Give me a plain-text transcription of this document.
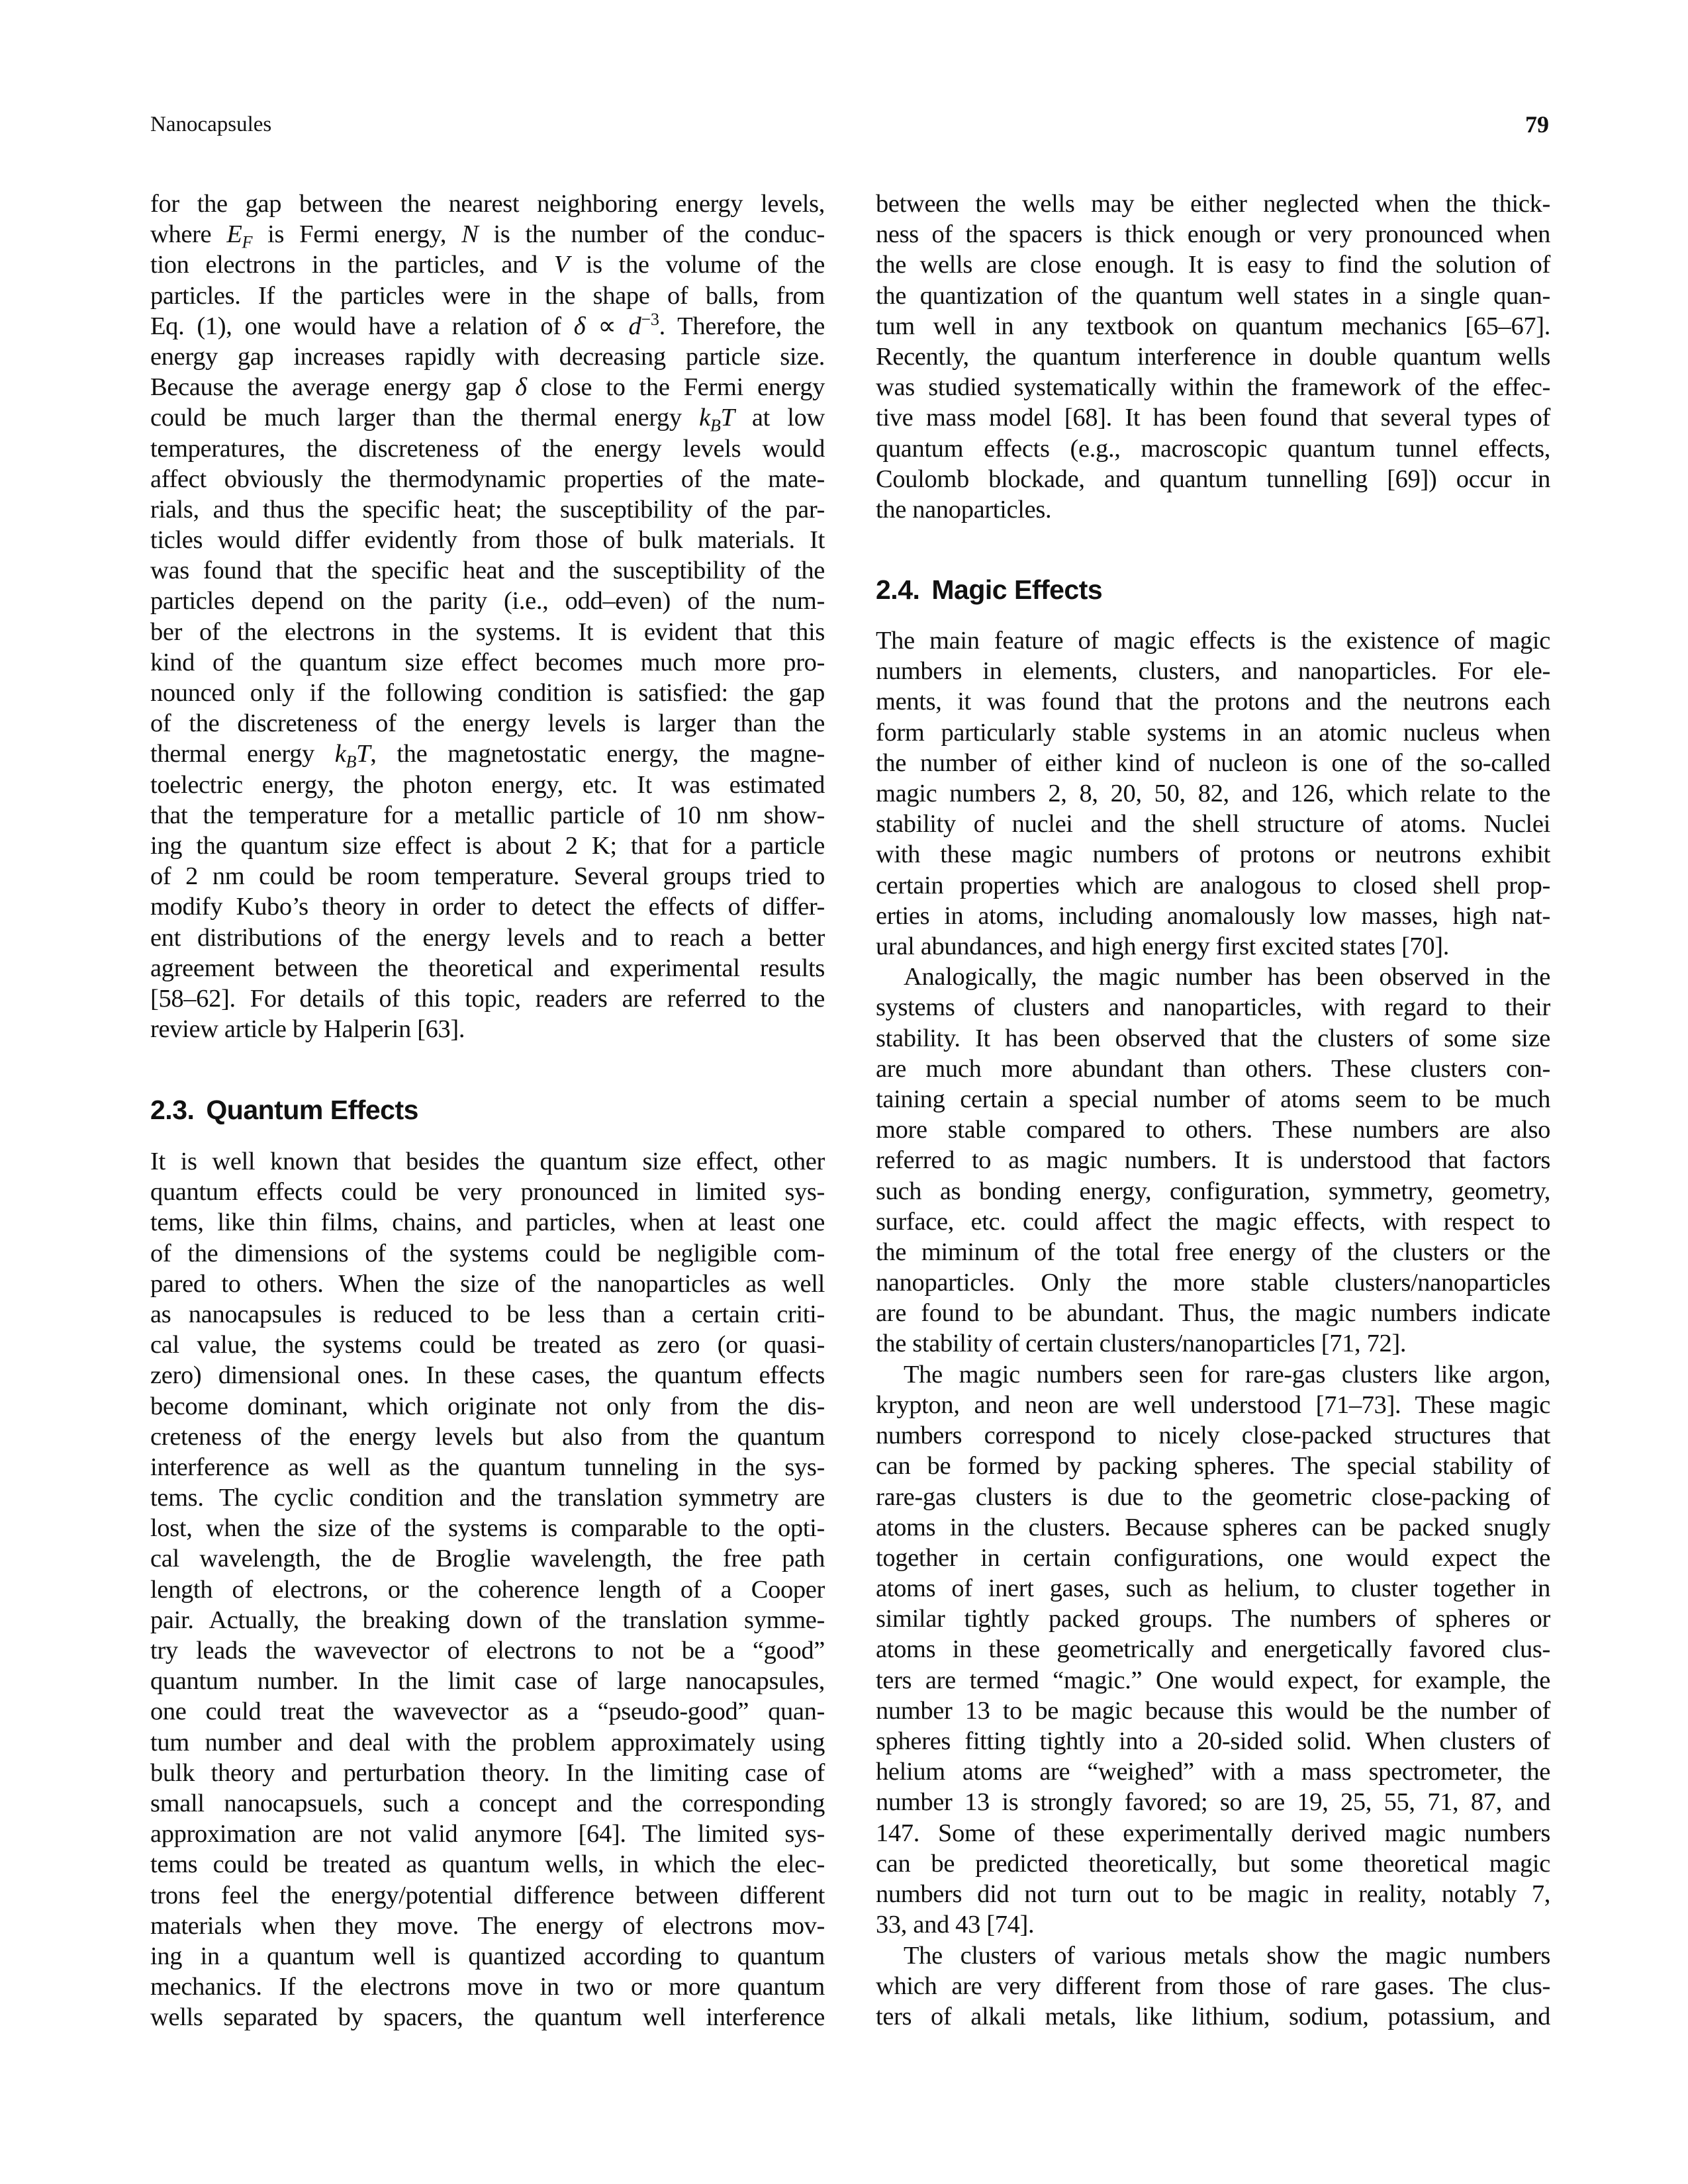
Nanocapsules	79
for the gap between the nearest neighboring energy levels,
where $E_F$ is Fermi energy, N is the number of the conduc-
tion electrons in the particles, and V is the volume of the
particles. If the particles were in the shape of balls, from
Eq. (1), one would have a relation of $\delta \propto d^{-3}$. Therefore, the
energy gap increases rapidly with decreasing particle size.
Because the average energy gap δ close to the Fermi energy
could be much larger than the thermal energy $k_BT$ at low
temperatures, the discreteness of the energy levels would
affect obviously the thermodynamic properties of the mate-
rials, and thus the specific heat; the susceptibility of the par-
ticles would differ evidently from those of bulk materials. It
was found that the specific heat and the susceptibility of the
particles depend on the parity (i.e., odd–even) of the num-
ber of the electrons in the systems. It is evident that this
kind of the quantum size effect becomes much more pro-
nounced only if the following condition is satisfied: the gap
of the discreteness of the energy levels is larger than the
thermal energy $k_BT$, the magnetostatic energy, the magne-
toelectric energy, the photon energy, etc. It was estimated
that the temperature for a metallic particle of 10 nm show-
ing the quantum size effect is about 2 K; that for a particle
of 2 nm could be room temperature. Several groups tried to
modify Kubo’s theory in order to detect the effects of differ-
ent distributions of the energy levels and to reach a better
agreement between the theoretical and experimental results
[58–62]. For details of this topic, readers are referred to the
review article by Halperin [63].
2.3. Quantum Effects
It is well known that besides the quantum size effect, other
quantum effects could be very pronounced in limited sys-
tems, like thin films, chains, and particles, when at least one
of the dimensions of the systems could be negligible com-
pared to others. When the size of the nanoparticles as well
as nanocapsules is reduced to be less than a certain criti-
cal value, the systems could be treated as zero (or quasi-
zero) dimensional ones. In these cases, the quantum effects
become dominant, which originate not only from the dis-
creteness of the energy levels but also from the quantum
interference as well as the quantum tunneling in the sys-
tems. The cyclic condition and the translation symmetry are
lost, when the size of the systems is comparable to the opti-
cal wavelength, the de Broglie wavelength, the free path
length of electrons, or the coherence length of a Cooper
pair. Actually, the breaking down of the translation symme-
try leads the wavevector of electrons to not be a “good”
quantum number. In the limit case of large nanocapsules,
one could treat the wavevector as a “pseudo-good” quan-
tum number and deal with the problem approximately using
bulk theory and perturbation theory. In the limiting case of
small nanocapsuels, such a concept and the corresponding
approximation are not valid anymore [64]. The limited sys-
tems could be treated as quantum wells, in which the elec-
trons feel the energy/potential difference between different
materials when they move. The energy of electrons mov-
ing in a quantum well is quantized according to quantum
mechanics. If the electrons move in two or more quantum
wells separated by spacers, the quantum well interference
between the wells may be either neglected when the thick-
ness of the spacers is thick enough or very pronounced when
the wells are close enough. It is easy to find the solution of
the quantization of the quantum well states in a single quan-
tum well in any textbook on quantum mechanics [65–67].
Recently, the quantum interference in double quantum wells
was studied systematically within the framework of the effec-
tive mass model [68]. It has been found that several types of
quantum effects (e.g., macroscopic quantum tunnel effects,
Coulomb blockade, and quantum tunnelling [69]) occur in
the nanoparticles.
2.4. Magic Effects
The main feature of magic effects is the existence of magic
numbers in elements, clusters, and nanoparticles. For ele-
ments, it was found that the protons and the neutrons each
form particularly stable systems in an atomic nucleus when
the number of either kind of nucleon is one of the so-called
magic numbers 2, 8, 20, 50, 82, and 126, which relate to the
stability of nuclei and the shell structure of atoms. Nuclei
with these magic numbers of protons or neutrons exhibit
certain properties which are analogous to closed shell prop-
erties in atoms, including anomalously low masses, high nat-
ural abundances, and high energy first excited states [70].
Analogically, the magic number has been observed in the
systems of clusters and nanoparticles, with regard to their
stability. It has been observed that the clusters of some size
are much more abundant than others. These clusters con-
taining certain a special number of atoms seem to be much
more stable compared to others. These numbers are also
referred to as magic numbers. It is understood that factors
such as bonding energy, configuration, symmetry, geometry,
surface, etc. could affect the magic effects, with respect to
the miminum of the total free energy of the clusters or the
nanoparticles. Only the more stable clusters/nanoparticles
are found to be abundant. Thus, the magic numbers indicate
the stability of certain clusters/nanoparticles [71, 72].
The magic numbers seen for rare-gas clusters like argon,
krypton, and neon are well understood [71–73]. These magic
numbers correspond to nicely close-packed structures that
can be formed by packing spheres. The special stability of
rare-gas clusters is due to the geometric close-packing of
atoms in the clusters. Because spheres can be packed snugly
together in certain configurations, one would expect the
atoms of inert gases, such as helium, to cluster together in
similar tightly packed groups. The numbers of spheres or
atoms in these geometrically and energetically favored clus-
ters are termed “magic.” One would expect, for example, the
number 13 to be magic because this would be the number of
spheres fitting tightly into a 20-sided solid. When clusters of
helium atoms are “weighed” with a mass spectrometer, the
number 13 is strongly favored; so are 19, 25, 55, 71, 87, and
147. Some of these experimentally derived magic numbers
can be predicted theoretically, but some theoretical magic
numbers did not turn out to be magic in reality, notably 7,
33, and 43 [74].
The clusters of various metals show the magic numbers
which are very different from those of rare gases. The clus-
ters of alkali metals, like lithium, sodium, potassium, and
